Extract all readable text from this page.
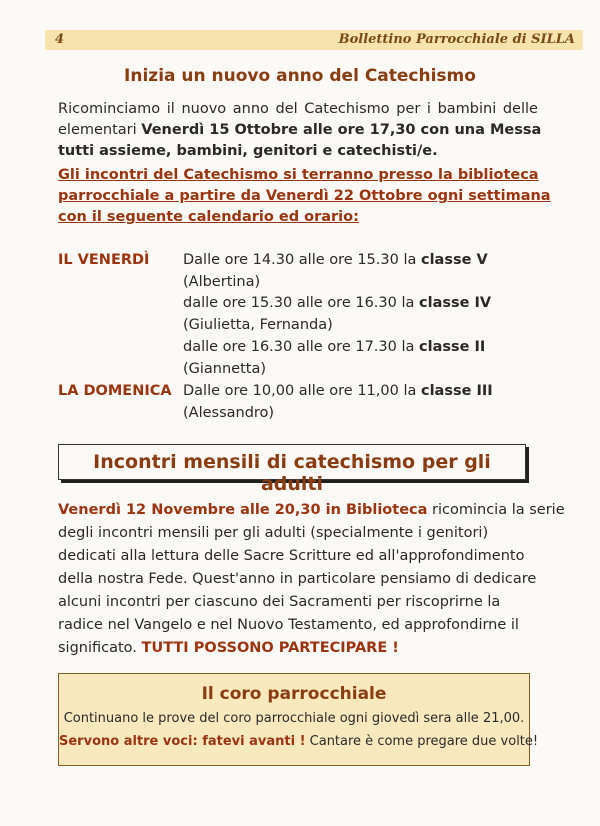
4	Bollettino Parrocchiale di SILLA
Inizia un nuovo anno del Catechismo
Ricominciamo il nuovo anno del Catechismo per i bambini delle
elementari Venerdì 15 Ottobre alle ore 17,30 con una Messa
tutti assieme, bambini, genitori e catechisti/e.
Gli incontri del Catechismo si terranno presso la biblioteca
parrocchiale a partire da Venerdì 22 Ottobre ogni settimana
con il seguente calendario ed orario:
IL VENERDÌ Dalle ore 14.30 alle ore 15.30 la classe V
(Albertina)
dalle ore 15.30 alle ore 16.30 la classe IV
(Giulietta, Fernanda)
dalle ore 16.30 alle ore 17.30 la classe II
(Giannetta)
LA DOMENICA Dalle ore 10,00 alle ore 11,00 la classe III
(Alessandro)
Incontri mensili di catechismo per gli adulti
Venerdì 12 Novembre alle 20,30 in Biblioteca ricomincia la serie
degli incontri mensili per gli adulti (specialmente i genitori)
dedicati alla lettura delle Sacre Scritture ed all'approfondimento
della nostra Fede. Quest'anno in particolare pensiamo di dedicare
alcuni incontri per ciascuno dei Sacramenti per riscoprirne la
radice nel Vangelo e nel Nuovo Testamento, ed approfondirne il
significato. TUTTI POSSONO PARTECIPARE !
Il coro parrocchiale
Continuano le prove del coro parrocchiale ogni giovedì sera alle 21,00.
Servono altre voci: fatevi avanti ! Cantare è come pregare due volte!
